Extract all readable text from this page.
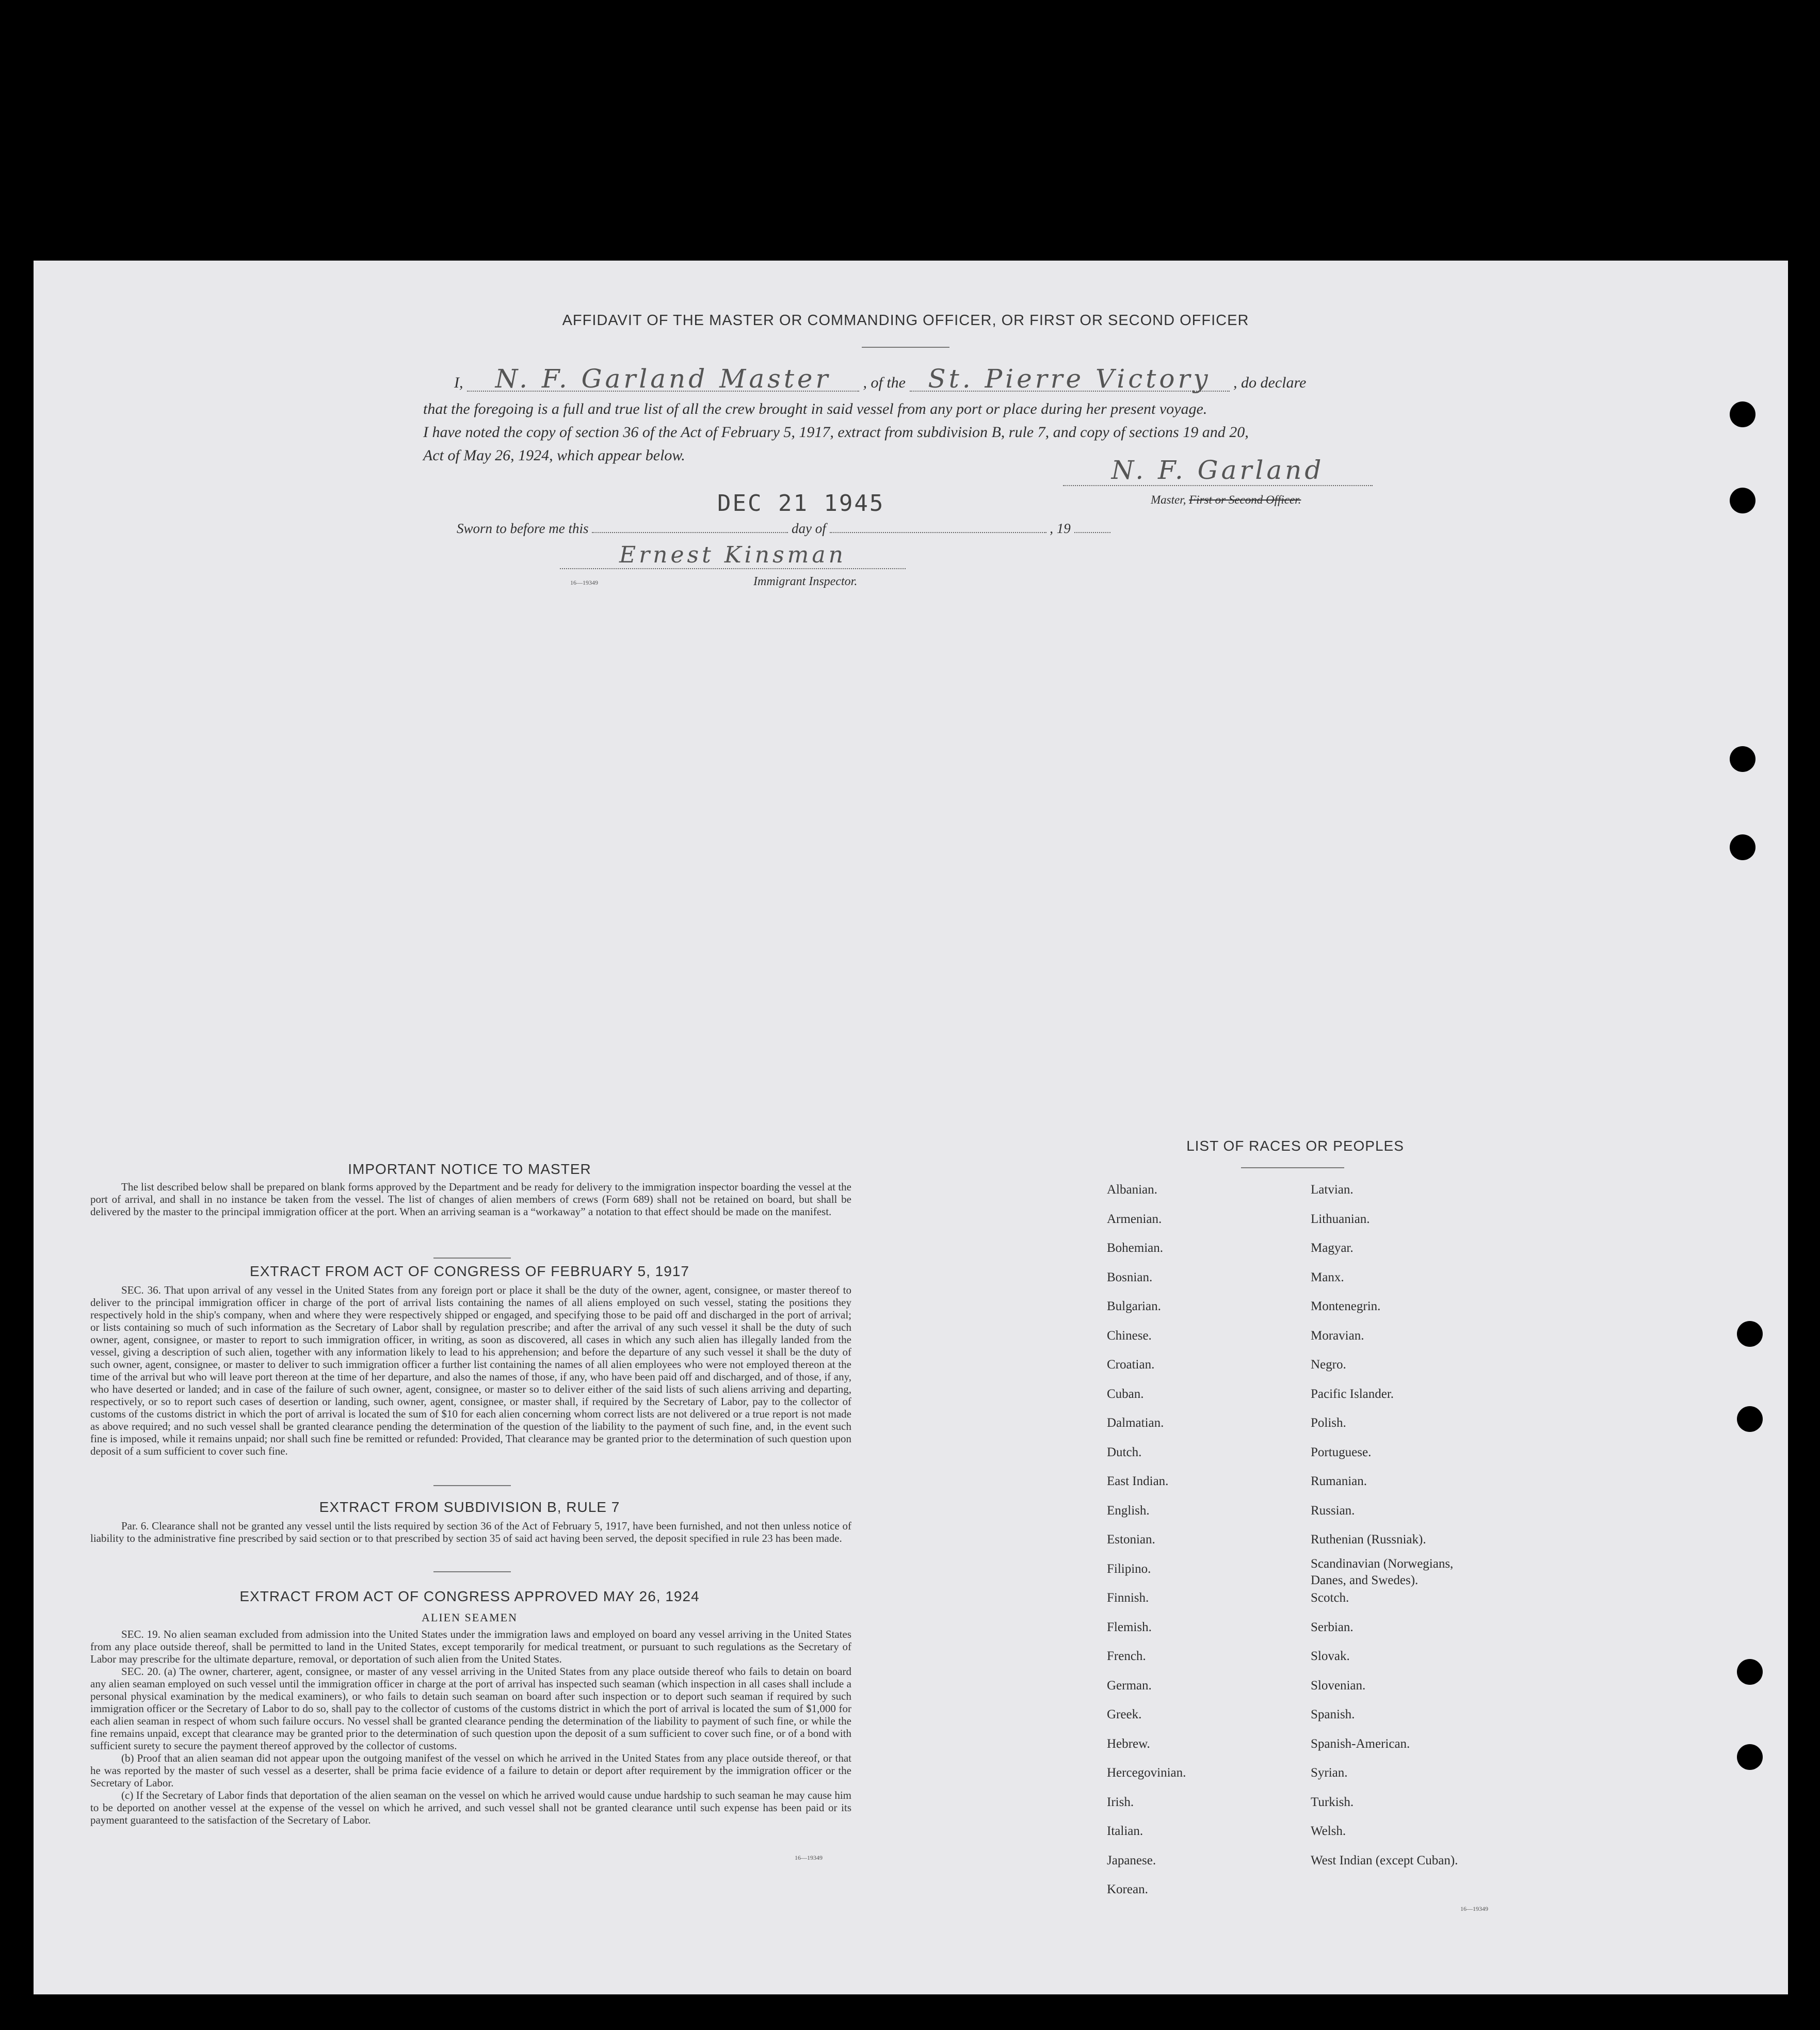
AFFIDAVIT OF THE MASTER OR COMMANDING OFFICER, OR FIRST OR SECOND OFFICER
I, N. F. Garland Master , of the St. Pierre Victory , do declare
that the foregoing is a full and true list of all the crew brought in said vessel from any port or place during her present voyage.
I have noted the copy of section 36 of the Act of February 5, 1917, extract from subdivision B, rule 7, and copy of sections 19 and 20,
Act of May 26, 1924, which appear below.	N. F. Garland
Master, First or Second Officer.
DEC 21 1945
Sworn to before me this	day of	, 19
Ernest Kinsman
16—19349	Immigrant Inspector.
IMPORTANT NOTICE TO MASTER
The list described below shall be prepared on blank forms approved by the Department and be ready for delivery to the immigration inspector boarding the vessel at the port of arrival, and shall in no instance be taken from the vessel. The list of changes of alien members of crews (Form 689) shall not be retained on board, but shall be delivered by the master to the principal immigration officer at the port. When an arriving seaman is a “workaway” a notation to that effect should be made on the manifest.
EXTRACT FROM ACT OF CONGRESS OF FEBRUARY 5, 1917
SEC. 36. That upon arrival of any vessel in the United States from any foreign port or place it shall be the duty of the owner, agent, consignee, or master thereof to deliver to the principal immigration officer in charge of the port of arrival lists containing the names of all aliens employed on such vessel, stating the positions they respectively hold in the ship's company, when and where they were respectively shipped or engaged, and specifying those to be paid off and discharged in the port of arrival; or lists containing so much of such information as the Secretary of Labor shall by regulation prescribe; and after the arrival of any such vessel it shall be the duty of such owner, agent, consignee, or master to report to such immigration officer, in writing, as soon as discovered, all cases in which any such alien has illegally landed from the vessel, giving a description of such alien, together with any information likely to lead to his apprehension; and before the departure of any such vessel it shall be the duty of such owner, agent, consignee, or master to deliver to such immigration officer a further list containing the names of all alien employees who were not employed thereon at the time of the arrival but who will leave port thereon at the time of her departure, and also the names of those, if any, who have been paid off and discharged, and of those, if any, who have deserted or landed; and in case of the failure of such owner, agent, consignee, or master so to deliver either of the said lists of such aliens arriving and departing, respectively, or so to report such cases of desertion or landing, such owner, agent, consignee, or master shall, if required by the Secretary of Labor, pay to the collector of customs of the customs district in which the port of arrival is located the sum of $10 for each alien concerning whom correct lists are not delivered or a true report is not made as above required; and no such vessel shall be granted clearance pending the determination of the question of the liability to the payment of such fine, and, in the event such fine is imposed, while it remains unpaid; nor shall such fine be remitted or refunded: Provided, That clearance may be granted prior to the determination of such question upon deposit of a sum sufficient to cover such fine.
EXTRACT FROM SUBDIVISION B, RULE 7
Par. 6. Clearance shall not be granted any vessel until the lists required by section 36 of the Act of February 5, 1917, have been furnished, and not then unless notice of liability to the administrative fine prescribed by said section or to that prescribed by section 35 of said act having been served, the deposit specified in rule 23 has been made.
EXTRACT FROM ACT OF CONGRESS APPROVED MAY 26, 1924
ALIEN SEAMEN
SEC. 19. No alien seaman excluded from admission into the United States under the immigration laws and employed on board any vessel arriving in the United States from any place outside thereof, shall be permitted to land in the United States, except temporarily for medical treatment, or pursuant to such regulations as the Secretary of Labor may prescribe for the ultimate departure, removal, or deportation of such alien from the United States.
SEC. 20. (a) The owner, charterer, agent, consignee, or master of any vessel arriving in the United States from any place outside thereof who fails to detain on board any alien seaman employed on such vessel until the immigration officer in charge at the port of arrival has inspected such seaman (which inspection in all cases shall include a personal physical examination by the medical examiners), or who fails to detain such seaman on board after such inspection or to deport such seaman if required by such immigration officer or the Secretary of Labor to do so, shall pay to the collector of customs of the customs district in which the port of arrival is located the sum of $1,000 for each alien seaman in respect of whom such failure occurs. No vessel shall be granted clearance pending the determination of the liability to payment of such fine, or while the fine remains unpaid, except that clearance may be granted prior to the determination of such question upon the deposit of a sum sufficient to cover such fine, or of a bond with sufficient surety to secure the payment thereof approved by the collector of customs.
(b) Proof that an alien seaman did not appear upon the outgoing manifest of the vessel on which he arrived in the United States from any place outside thereof, or that he was reported by the master of such vessel as a deserter, shall be prima facie evidence of a failure to detain or deport after requirement by the immigration officer or the Secretary of Labor.
(c) If the Secretary of Labor finds that deportation of the alien seaman on the vessel on which he arrived would cause undue hardship to such seaman he may cause him to be deported on another vessel at the expense of the vessel on which he arrived, and such vessel shall not be granted clearance until such expense has been paid or its payment guaranteed to the satisfaction of the Secretary of Labor.
16—19349
LIST OF RACES OR PEOPLES
Albanian.
Armenian.
Bohemian.
Bosnian.
Bulgarian.
Chinese.
Croatian.
Cuban.
Dalmatian.
Dutch.
East Indian.
English.
Estonian.
Filipino.
Finnish.
Flemish.
French.
German.
Greek.
Hebrew.
Hercegovinian.
Irish.
Italian.
Japanese.
Korean.
Latvian.
Lithuanian.
Magyar.
Manx.
Montenegrin.
Moravian.
Negro.
Pacific Islander.
Polish.
Portuguese.
Rumanian.
Russian.
Ruthenian (Russniak).
Scandinavian (Norwegians,
Danes, and Swedes).
Scotch.
Serbian.
Slovak.
Slovenian.
Spanish.
Spanish-American.
Syrian.
Turkish.
Welsh.
West Indian (except Cuban).
16—19349
